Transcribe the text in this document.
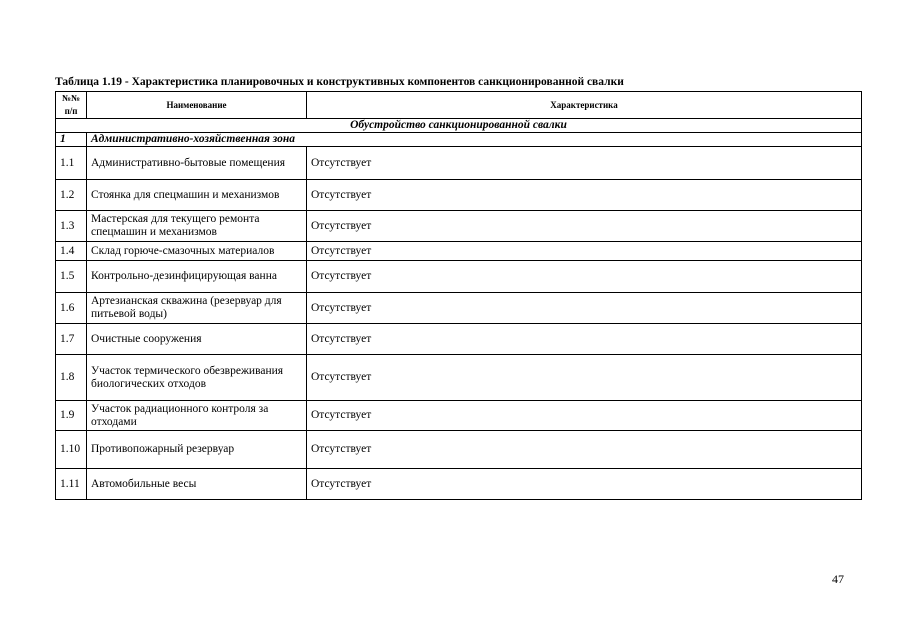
Таблица 1.19 - Характеристика планировочных и конструктивных компонентов санкционированной свалки
№№
п/п	Наименование	Характеристика
Обустройство санкционированной свалки		
1	Административно-хозяйственная зона	
1.1	Административно-бытовые помещения	Отсутствует
1.2	Стоянка для спецмашин и механизмов	Отсутствует
1.3	Мастерская для текущего ремонта спецмашин и механизмов	Отсутствует
1.4	Склад горюче-смазочных материалов	Отсутствует
1.5	Контрольно-дезинфицирующая ванна	Отсутствует
1.6	Артезианская скважина (резервуар для питьевой воды)	Отсутствует
1.7	Очистные сооружения	Отсутствует
1.8	Участок термического обезвреживания биологических отходов	Отсутствует
1.9	Участок радиационного контроля за отходами	Отсутствует
1.10	Противопожарный резервуар	Отсутствует
1.11	Автомобильные весы	Отсутствует
47
